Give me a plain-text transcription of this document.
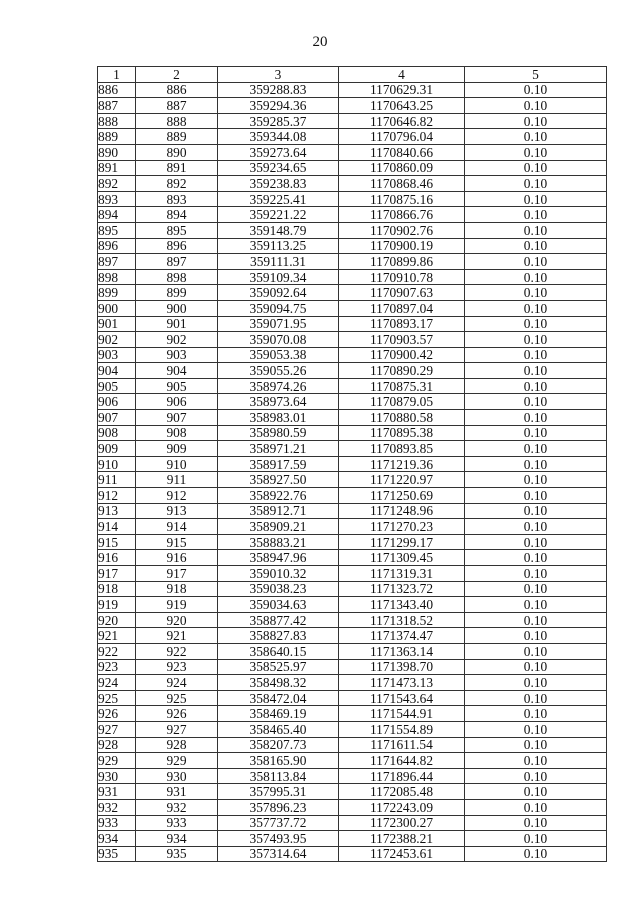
20
1	2	3	4	5
886	886	359288.83	1170629.31	0.10
887	887	359294.36	1170643.25	0.10
888	888	359285.37	1170646.82	0.10
889	889	359344.08	1170796.04	0.10
890	890	359273.64	1170840.66	0.10
891	891	359234.65	1170860.09	0.10
892	892	359238.83	1170868.46	0.10
893	893	359225.41	1170875.16	0.10
894	894	359221.22	1170866.76	0.10
895	895	359148.79	1170902.76	0.10
896	896	359113.25	1170900.19	0.10
897	897	359111.31	1170899.86	0.10
898	898	359109.34	1170910.78	0.10
899	899	359092.64	1170907.63	0.10
900	900	359094.75	1170897.04	0.10
901	901	359071.95	1170893.17	0.10
902	902	359070.08	1170903.57	0.10
903	903	359053.38	1170900.42	0.10
904	904	359055.26	1170890.29	0.10
905	905	358974.26	1170875.31	0.10
906	906	358973.64	1170879.05	0.10
907	907	358983.01	1170880.58	0.10
908	908	358980.59	1170895.38	0.10
909	909	358971.21	1170893.85	0.10
910	910	358917.59	1171219.36	0.10
911	911	358927.50	1171220.97	0.10
912	912	358922.76	1171250.69	0.10
913	913	358912.71	1171248.96	0.10
914	914	358909.21	1171270.23	0.10
915	915	358883.21	1171299.17	0.10
916	916	358947.96	1171309.45	0.10
917	917	359010.32	1171319.31	0.10
918	918	359038.23	1171323.72	0.10
919	919	359034.63	1171343.40	0.10
920	920	358877.42	1171318.52	0.10
921	921	358827.83	1171374.47	0.10
922	922	358640.15	1171363.14	0.10
923	923	358525.97	1171398.70	0.10
924	924	358498.32	1171473.13	0.10
925	925	358472.04	1171543.64	0.10
926	926	358469.19	1171544.91	0.10
927	927	358465.40	1171554.89	0.10
928	928	358207.73	1171611.54	0.10
929	929	358165.90	1171644.82	0.10
930	930	358113.84	1171896.44	0.10
931	931	357995.31	1172085.48	0.10
932	932	357896.23	1172243.09	0.10
933	933	357737.72	1172300.27	0.10
934	934	357493.95	1172388.21	0.10
935	935	357314.64	1172453.61	0.10
